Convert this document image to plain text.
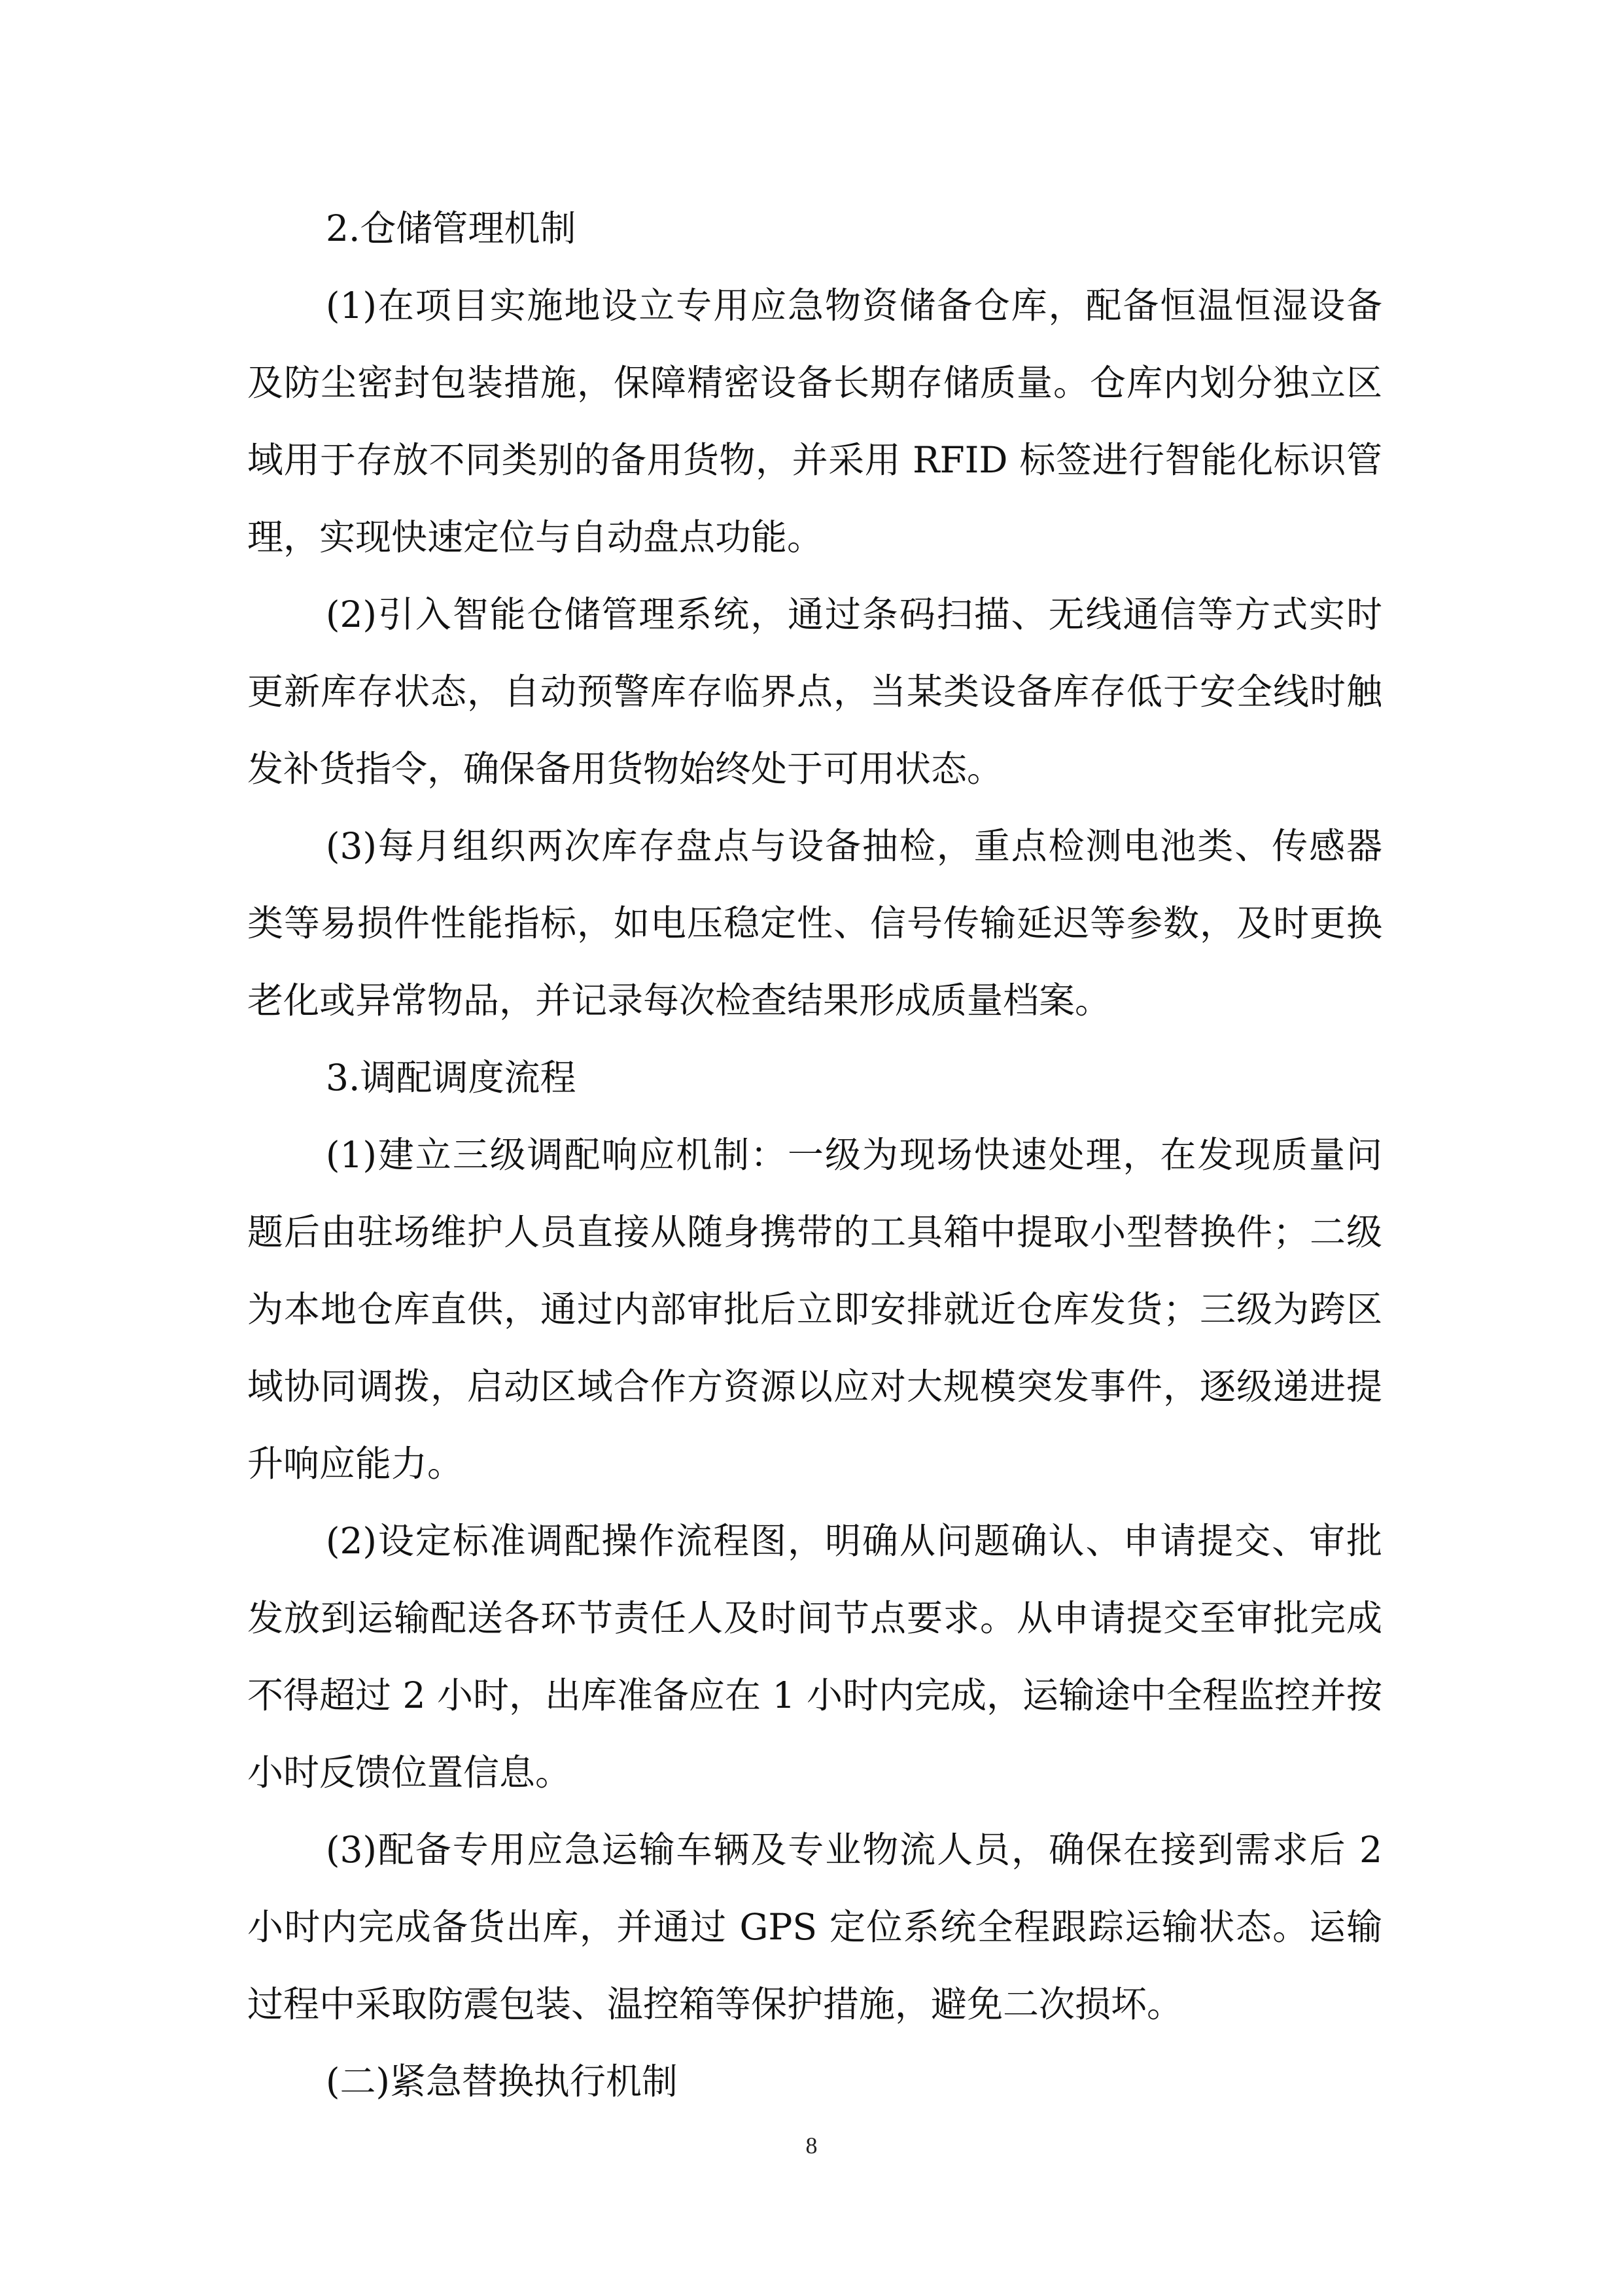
2.仓储管理机制

(1)在项目实施地设立专用应急物资储备仓库，配备恒温恒湿设备及防尘密封包装措施，保障精密设备长期存储质量。仓库内划分独立区域用于存放不同类别的备用货物，并采用 RFID 标签进行智能化标识管理，实现快速定位与自动盘点功能。

(2)引入智能仓储管理系统，通过条码扫描、无线通信等方式实时更新库存状态，自动预警库存临界点，当某类设备库存低于安全线时触发补货指令，确保备用货物始终处于可用状态。

(3)每月组织两次库存盘点与设备抽检，重点检测电池类、传感器类等易损件性能指标，如电压稳定性、信号传输延迟等参数，及时更换老化或异常物品，并记录每次检查结果形成质量档案。

3.调配调度流程

(1)建立三级调配响应机制：一级为现场快速处理，在发现质量问题后由驻场维护人员直接从随身携带的工具箱中提取小型替换件；二级为本地仓库直供，通过内部审批后立即安排就近仓库发货；三级为跨区域协同调拨，启动区域合作方资源以应对大规模突发事件，逐级递进提升响应能力。

(2)设定标准调配操作流程图，明确从问题确认、申请提交、审批发放到运输配送各环节责任人及时间节点要求。从申请提交至审批完成不得超过 2 小时，出库准备应在 1 小时内完成，运输途中全程监控并按小时反馈位置信息。

(3)配备专用应急运输车辆及专业物流人员，确保在接到需求后 2 小时内完成备货出库，并通过 GPS 定位系统全程跟踪运输状态。运输过程中采取防震包装、温控箱等保护措施，避免二次损坏。

(二)紧急替换执行机制

8
